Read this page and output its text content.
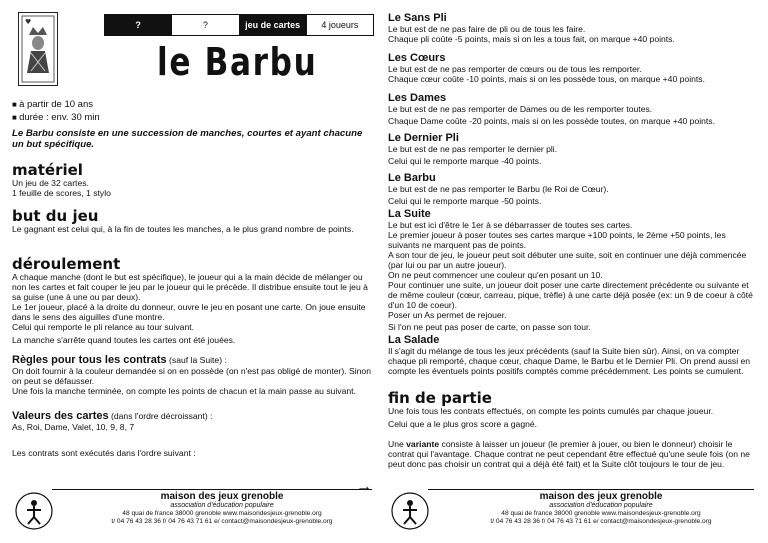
♥	?	?	jeu de cartes	4 joueurs
le Barbu
■ à partir de 10 ans
■ durée : env. 30 min

Le Barbu consiste en une succession de manches, courtes et ayant chacune un but spécifique.

matériel

Un jeu de 32 cartes.

1 feuille de scores, 1 stylo

but du jeu

Le gagnant est celui qui, à la fin de toutes les manches, a le plus grand nombre de points.

déroulement

A chaque manche (dont le but est spécifique), le joueur qui a la main décide de mélanger ou non les cartes et fait couper le jeu par le joueur qui le précède. Il distribue ensuite tout le jeu à sa guise (une à une ou par deux).

Le 1er joueur, placé à la droite du donneur, ouvre le jeu en posant une carte. On joue ensuite dans le sens des aiguilles d'une montre.

Celui qui remporte le pli relance au tour suivant.

La manche s'arrête quand toutes les cartes ont été jouées.

Règles pour tous les contrats (sauf la Suite) :

On doit fournir à la couleur demandée si on en possède (on n'est pas obligé de monter). Sinon on peut se défausser.

Une fois la manche terminée, on compte les points de chacun et la main passe au suivant.

Valeurs des cartes (dans l'ordre décroissant) :

As, Roi, Dame, Valet, 10, 9, 8, 7

Les contrats sont exécutés dans l'ordre suivant :

→
maison des jeux grenoble
association d'éducation populaire
48 quai de france 38000 grenoble www.maisondesjeux-grenoble.org
t/ 04 76 43 28 36 f/ 04 76 43 71 61 e/ contact@maisondesjeux-grenoble.org

Le Sans Pli

Le but est de ne pas faire de pli ou de tous les faire.

Chaque pli coûte -5 points, mais si on les a tous fait, on marque +40 points.

Les Cœurs

Le but est de ne pas remporter de cœurs ou de tous les remporter.

Chaque cœur coûte -10 points, mais si on les possède tous, on marque +40 points.

Les Dames

Le but est de ne pas remporter de Dames ou de les remporter toutes.

Chaque Dame coûte -20 points, mais si on les possède toutes, on marque +40 points.

Le Dernier Pli

Le but est de ne pas remporter le dernier pli.

Celui qui le remporte marque -40 points.

Le Barbu

Le but est de ne pas remporter le Barbu (le Roi de Cœur).

Celui qui le remporte marque -50 points.

La Suite

Le but est ici d'être le 1er à se débarrasser de toutes ses cartes.

Le premier joueur à poser toutes ses cartes marque +100 points, le 2ème +50 points, les suivants ne marquent pas de points.

A son tour de jeu, le joueur peut soit débuter une suite, soit en continuer une déjà commencée (par lui ou par un autre joueur).

On ne peut commencer une couleur qu'en posant un 10.

Pour continuer une suite, un joueur doit poser une carte directement précédente ou suivante et de même couleur (cœur, carreau, pique, trèfle) à une carte déjà posée (ex: un 9 de coeur à côté d'un 10 de coeur).

Poser un As permet de rejouer.

Si l'on ne peut pas poser de carte, on passe son tour.

La Salade

Il s'agit du mélange de tous les jeux précédents (sauf la Suite bien sûr). Ainsi, on va compter chaque pli remporté, chaque cœur, chaque Dame, le Barbu et le Dernier Pli. On prend aussi en compte les éventuels points positifs comptés comme précédemment. Les points se cumulent.

fin de partie

Une fois tous les contrats effectués, on compte les points cumulés par chaque joueur.

Celui que a le plus gros score a gagné.

Une variante consiste à laisser un joueur (le premier à jouer, ou bien le donneur) choisir le contrat qui l'avantage. Chaque contrat ne peut cependant être effectué qu'une seule fois (on ne peut donc pas choisir un contrat qui a déjà été fait) et la Suite clôt toujours le tour de jeu.

maison des jeux grenoble
association d'éducation populaire
48 quai de france 38000 grenoble www.maisondesjeux-grenoble.org
t/ 04 76 43 28 36 f/ 04 76 43 71 61 e/ contact@maisondesjeux-grenoble.org
